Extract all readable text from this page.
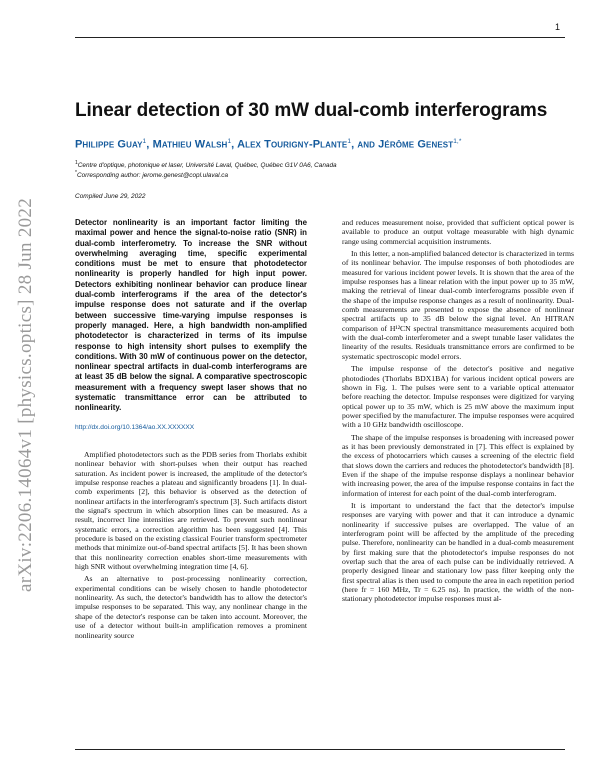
1
arXiv:2206.14064v1 [physics.optics] 28 Jun 2022
Linear detection of 30 mW dual-comb interferograms
Philippe Guay$^1$, Mathieu Walsh$^1$, Alex Tourigny-Plante$^1$, and Jérôme Genest$^{1,*}$
$^1$Centre d'optique, photonique et laser, Université Laval, Québec, Québec G1V 0A6, Canada
*Corresponding author: jerome.genest@copl.ulaval.ca
Compiled June 29, 2022

Detector nonlinearity is an important factor limiting the maximal power and hence the signal-to-noise ratio (SNR) in dual-comb interferometry. To increase the SNR without overwhelming averaging time, specific experimental conditions must be met to ensure that photodetector nonlinearity is properly handled for high input power. Detectors exhibiting nonlinear behavior can produce linear dual-comb interferograms if the area of the detector's impulse response does not saturate and if the overlap between successive time-varying impulse responses is properly managed. Here, a high bandwidth non-amplified photodetector is characterized in terms of its impulse response to high intensity short pulses to exemplify the conditions. With 30 mW of continuous power on the detector, nonlinear spectral artifacts in dual-comb interferograms are at least 35 dB below the signal. A comparative spectroscopic measurement with a frequency swept laser shows that no systematic transmittance error can be attributed to nonlinearity.

http://dx.doi.org/10.1364/ao.XX.XXXXXX

Amplified photodetectors such as the PDB series from Thorlabs exhibit nonlinear behavior with short-pulses when their output has reached saturation. As incident power is increased, the amplitude of the detector's impulse response reaches a plateau and significantly broadens [1]. In dual-comb experiments [2], this behavior is observed as the detection of nonlinear artifacts in the interferogram's spectrum [3]. Such artifacts distort the signal's spectrum in which absorption lines can be measured. As a result, incorrect line intensities are retrieved. To prevent such nonlinear systematic errors, a correction algorithm has been suggested [4]. This procedure is based on the existing classical Fourier transform spectrometer methods that minimize out-of-band spectral artifacts [5]. It has been shown that this nonlinearity correction enables short-time measurements with high SNR without overwhelming integration time [4, 6].

As an alternative to post-processing nonlinearity correction, experimental conditions can be wisely chosen to handle photodetector nonlinearity. As such, the detector's bandwidth has to allow the detector's impulse responses to be separated. This way, any nonlinear change in the shape of the detector's response can be taken into account. Moreover, the use of a detector without built-in amplification removes a prominent nonlinearity source

and reduces measurement noise, provided that sufficient optical power is available to produce an output voltage measurable with high dynamic range using commercial acquisition instruments.

In this letter, a non-amplified balanced detector is characterized in terms of its nonlinear behavior. The impulse responses of both photodiodes are measured for various incident power levels. It is shown that the area of the impulse responses has a linear relation with the input power up to 35 mW, making the retrieval of linear dual-comb interferograms possible even if the shape of the impulse response changes as a result of nonlinearity. Dual-comb measurements are presented to expose the absence of nonlinear spectral artifacts up to 35 dB below the signal level. An HITRAN comparison of H¹²CN spectral transmittance measurements acquired both with the dual-comb interferometer and a swept tunable laser validates the linearity of the results. Residuals transmittance errors are confirmed to be systematic spectroscopic model errors.

The impulse response of the detector's positive and negative photodiodes (Thorlabs BDX1BA) for various incident optical powers are shown in Fig. 1. The pulses were sent to a variable optical attenuator before reaching the detector. Impulse responses were digitized for varying optical power up to 35 mW, which is 25 mW above the maximum input power specified by the manufacturer. The impulse responses were acquired with a 10 GHz bandwidth oscilloscope.

The shape of the impulse responses is broadening with increased power as it has been previously demonstrated in [7]. This effect is explained by the excess of photocarriers which causes a screening of the electric field that slows down the carriers and reduces the photodetector's bandwidth [8]. Even if the shape of the impulse response displays a nonlinear behavior with increasing power, the area of the impulse response contains in fact the information of interest for each point of the dual-comb interferogram.

It is important to understand the fact that the detector's impulse responses are varying with power and that it can introduce a dynamic nonlinearity if successive pulses are overlapped. The value of an interferogram point will be affected by the amplitude of the preceding pulse. Therefore, nonlinearity can be handled in a dual-comb measurement by first making sure that the photodetector's impulse responses do not overlap such that the area of each pulse can be individually retrieved. A properly designed linear and stationary low pass filter keeping only the first spectral alias is then used to compute the area in each repetition period (here fr = 160 MHz, Tr = 6.25 ns). In practice, the width of the non-stationary photodetector impulse responses must al-
